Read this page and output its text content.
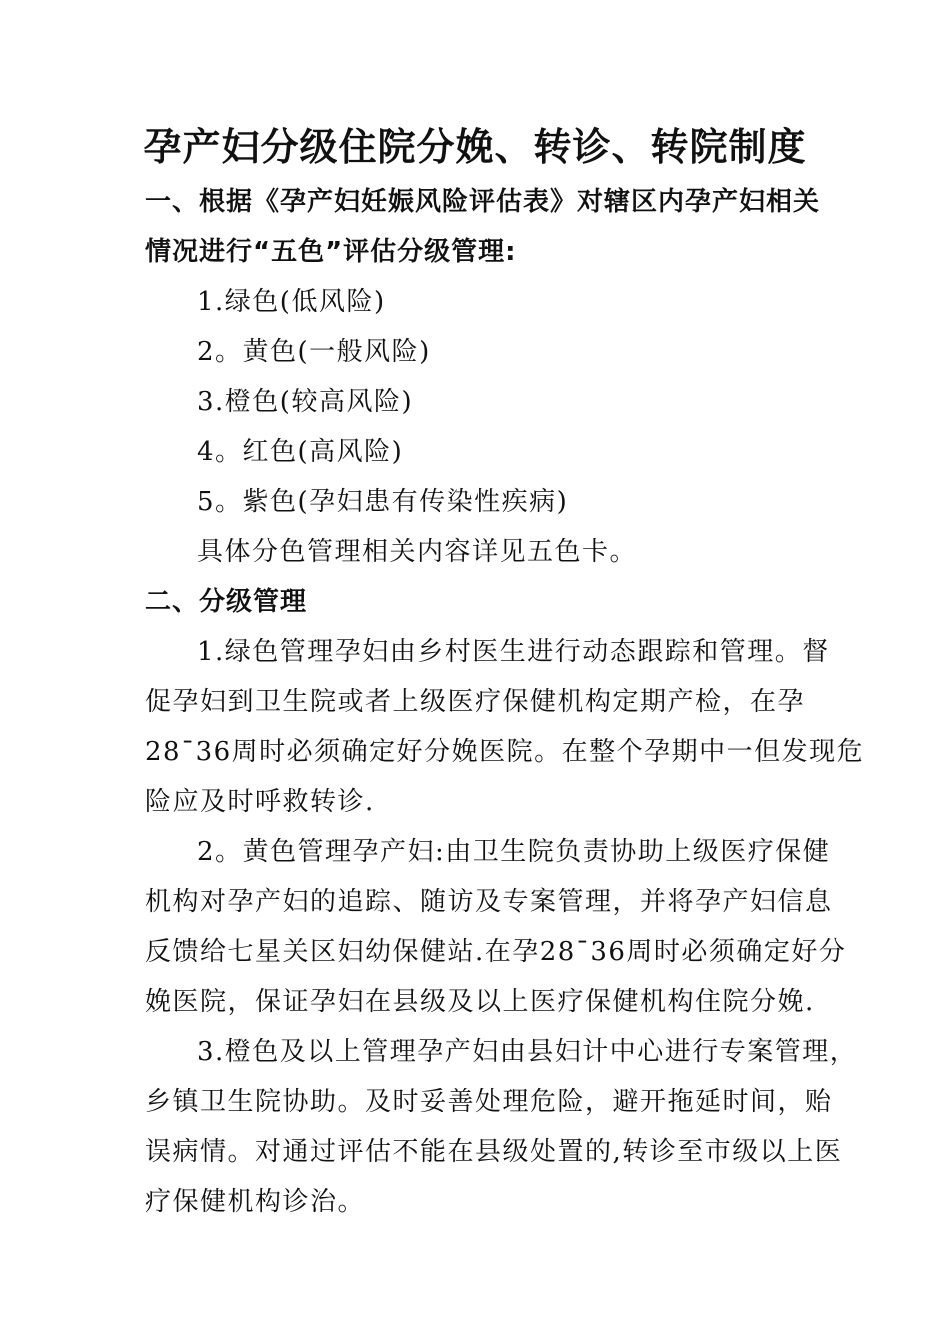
孕产妇分级住院分娩、转诊、转院制度

一、根据《孕产妇妊娠风险评估表》对辖区内孕产妇相关

情况进行“五色”评估分级管理:

1.绿色(低风险)

2。黄色(一般风险)

3.橙色(较高风险)

4。红色(高风险)

5。紫色(孕妇患有传染性疾病)

具体分色管理相关内容详见五色卡。

二、分级管理

1.绿色管理孕妇由乡村医生进行动态跟踪和管理。督

促孕妇到卫生院或者上级医疗保健机构定期产检，在孕

28¯36周时必须确定好分娩医院。在整个孕期中一但发现危

险应及时呼救转诊.

2。黄色管理孕产妇:由卫生院负责协助上级医疗保健

机构对孕产妇的追踪、随访及专案管理，并将孕产妇信息

反馈给七星关区妇幼保健站.在孕28¯36周时必须确定好分

娩医院，保证孕妇在县级及以上医疗保健机构住院分娩.

3.橙色及以上管理孕产妇由县妇计中心进行专案管理，

乡镇卫生院协助。及时妥善处理危险，避开拖延时间，贻

误病情。对通过评估不能在县级处置的,转诊至市级以上医

疗保健机构诊治。
